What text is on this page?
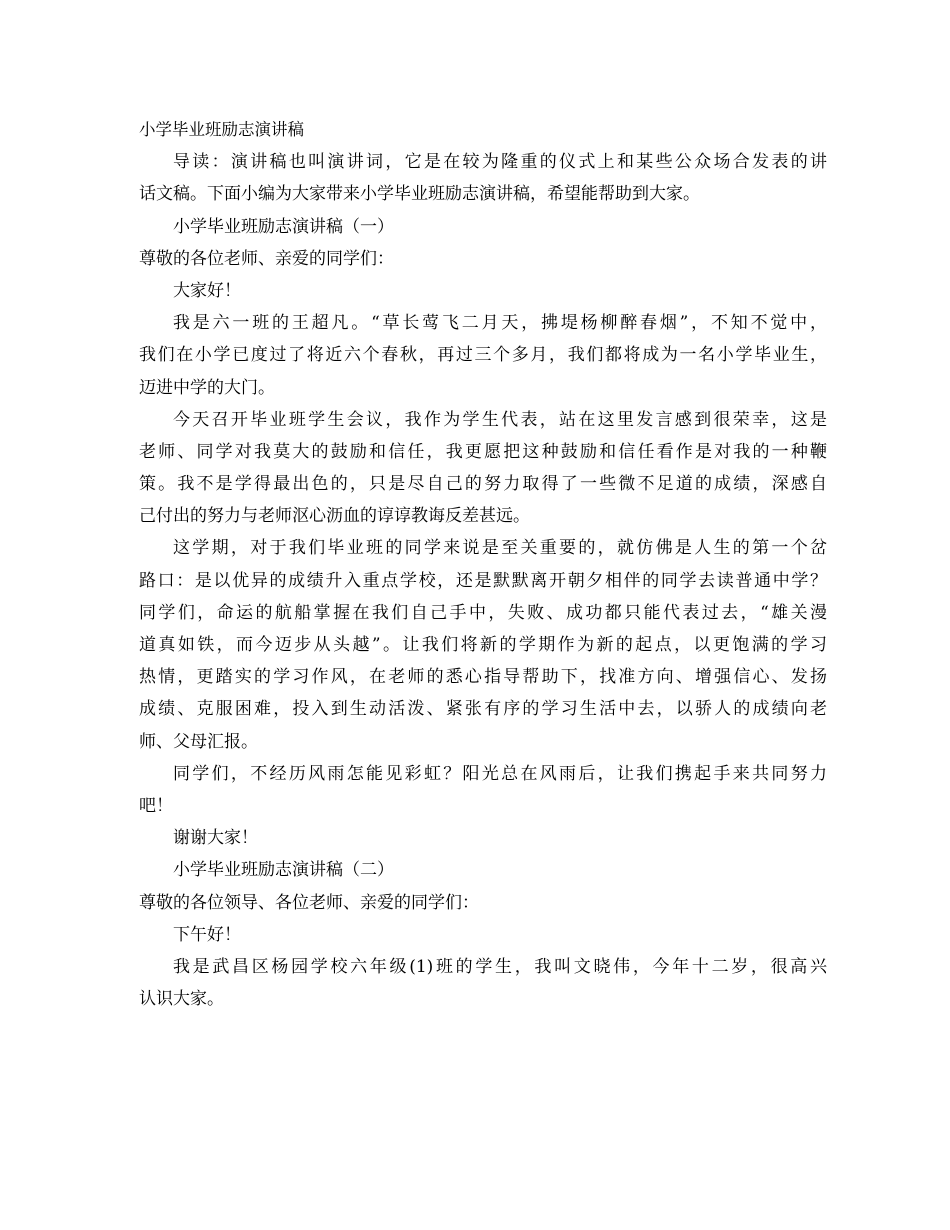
小学毕业班励志演讲稿

导读：演讲稿也叫演讲词，它是在较为隆重的仪式上和某些公众场合发表的讲

话文稿。下面小编为大家带来小学毕业班励志演讲稿，希望能帮助到大家。

小学毕业班励志演讲稿（一）

尊敬的各位老师、亲爱的同学们：

大家好！

我是六一班的王超凡。“草长莺飞二月天，拂堤杨柳醉春烟”，不知不觉中，

我们在小学已度过了将近六个春秋，再过三个多月，我们都将成为一名小学毕业生，

迈进中学的大门。

今天召开毕业班学生会议，我作为学生代表，站在这里发言感到很荣幸，这是

老师、同学对我莫大的鼓励和信任，我更愿把这种鼓励和信任看作是对我的一种鞭

策。我不是学得最出色的，只是尽自己的努力取得了一些微不足道的成绩，深感自

己付出的努力与老师沤心沥血的谆谆教诲反差甚远。

这学期，对于我们毕业班的同学来说是至关重要的，就仿佛是人生的第一个岔

路口：是以优异的成绩升入重点学校，还是默默离开朝夕相伴的同学去读普通中学？

同学们，命运的航船掌握在我们自己手中，失败、成功都只能代表过去，“雄关漫

道真如铁，而今迈步从头越”。让我们将新的学期作为新的起点，以更饱满的学习

热情，更踏实的学习作风，在老师的悉心指导帮助下，找准方向、增强信心、发扬

成绩、克服困难，投入到生动活泼、紧张有序的学习生活中去，以骄人的成绩向老

师、父母汇报。

同学们，不经历风雨怎能见彩虹？阳光总在风雨后，让我们携起手来共同努力

吧！

谢谢大家！

小学毕业班励志演讲稿（二）

尊敬的各位领导、各位老师、亲爱的同学们：

下午好！

我是武昌区杨园学校六年级(1)班的学生，我叫文晓伟，今年十二岁，很高兴

认识大家。
